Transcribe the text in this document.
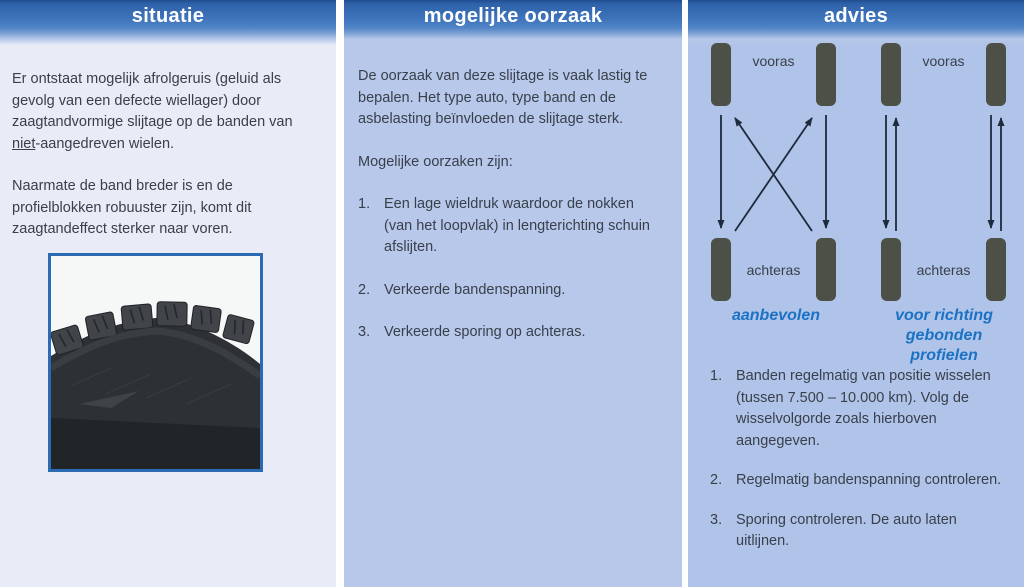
situatie

Er ontstaat mogelijk afrolgeruis (geluid als gevolg van een defecte wiellager) door zaagtandvormige slijtage op de banden van niet-aangedreven wielen.

Naarmate de band breder is en de profielblokken robuuster zijn, komt dit zaagtandeffect sterker naar voren.

mogelijke oorzaak

De oorzaak van deze slijtage is vaak lastig te bepalen. Het type auto, type band en de asbelasting beïnvloeden de slijtage sterk.

Mogelijke oorzaken zijn:

1. Een lage wieldruk waardoor de nokken (van het loopvlak) in lengterichting schuin afslijten.
2. Verkeerde bandenspanning.
3. Verkeerde sporing op achteras.
advies
vooras	vooras
achteras	achteras
aanbevolen	voor richting
gebonden profielen
1. Banden regelmatig van positie wisselen (tussen 7.500 – 10.000 km). Volg de wisselvolgorde zoals hierboven aangegeven.
2. Regelmatig bandenspanning controleren.
3. Sporing controleren. De auto laten uitlijnen.
